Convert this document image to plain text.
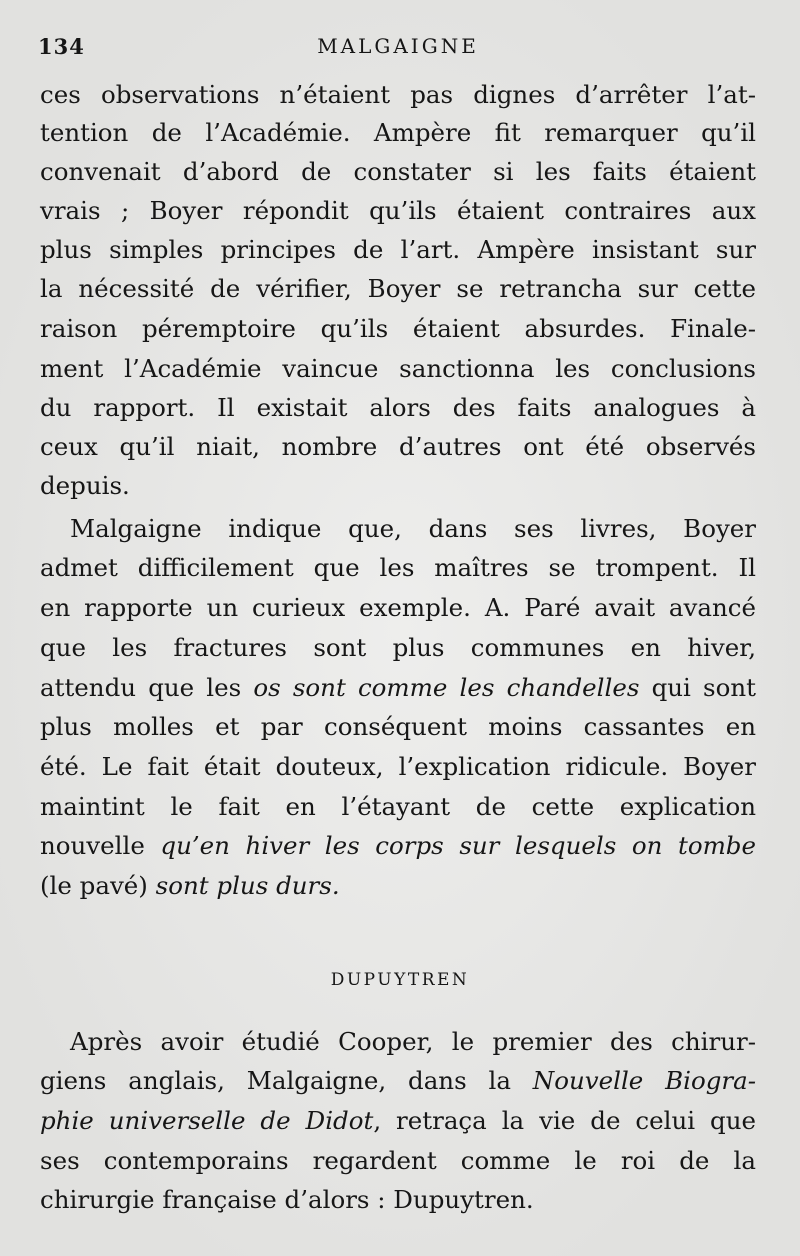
134	MALGAIGNE
ces observations n’étaient pas dignes d’arrêter l’at-
tention de l’Académie. Ampère fit remarquer qu’il
convenait d’abord de constater si les faits étaient
vrais ; Boyer répondit qu’ils étaient contraires aux
plus simples principes de l’art. Ampère insistant sur
la nécessité de vérifier, Boyer se retrancha sur cette
raison péremptoire qu’ils étaient absurdes. Finale-
ment l’Académie vaincue sanctionna les conclusions
du rapport. Il existait alors des faits analogues à
ceux qu’il niait, nombre d’autres ont été observés
depuis.
Malgaigne indique que, dans ses livres, Boyer
admet difficilement que les maîtres se trompent. Il
en rapporte un curieux exemple. A. Paré avait avancé
que les fractures sont plus communes en hiver,
attendu que les os sont comme les chandelles qui sont
plus molles et par conséquent moins cassantes en
été. Le fait était douteux, l’explication ridicule. Boyer
maintint le fait en l’étayant de cette explication
nouvelle qu’en hiver les corps sur lesquels on tombe
(le pavé) sont plus durs.
DUPUYTREN
Après avoir étudié Cooper, le premier des chirur-
giens anglais, Malgaigne, dans la Nouvelle Biogra-
phie universelle de Didot, retraça la vie de celui que
ses contemporains regardent comme le roi de la
chirurgie française d’alors : Dupuytren.
